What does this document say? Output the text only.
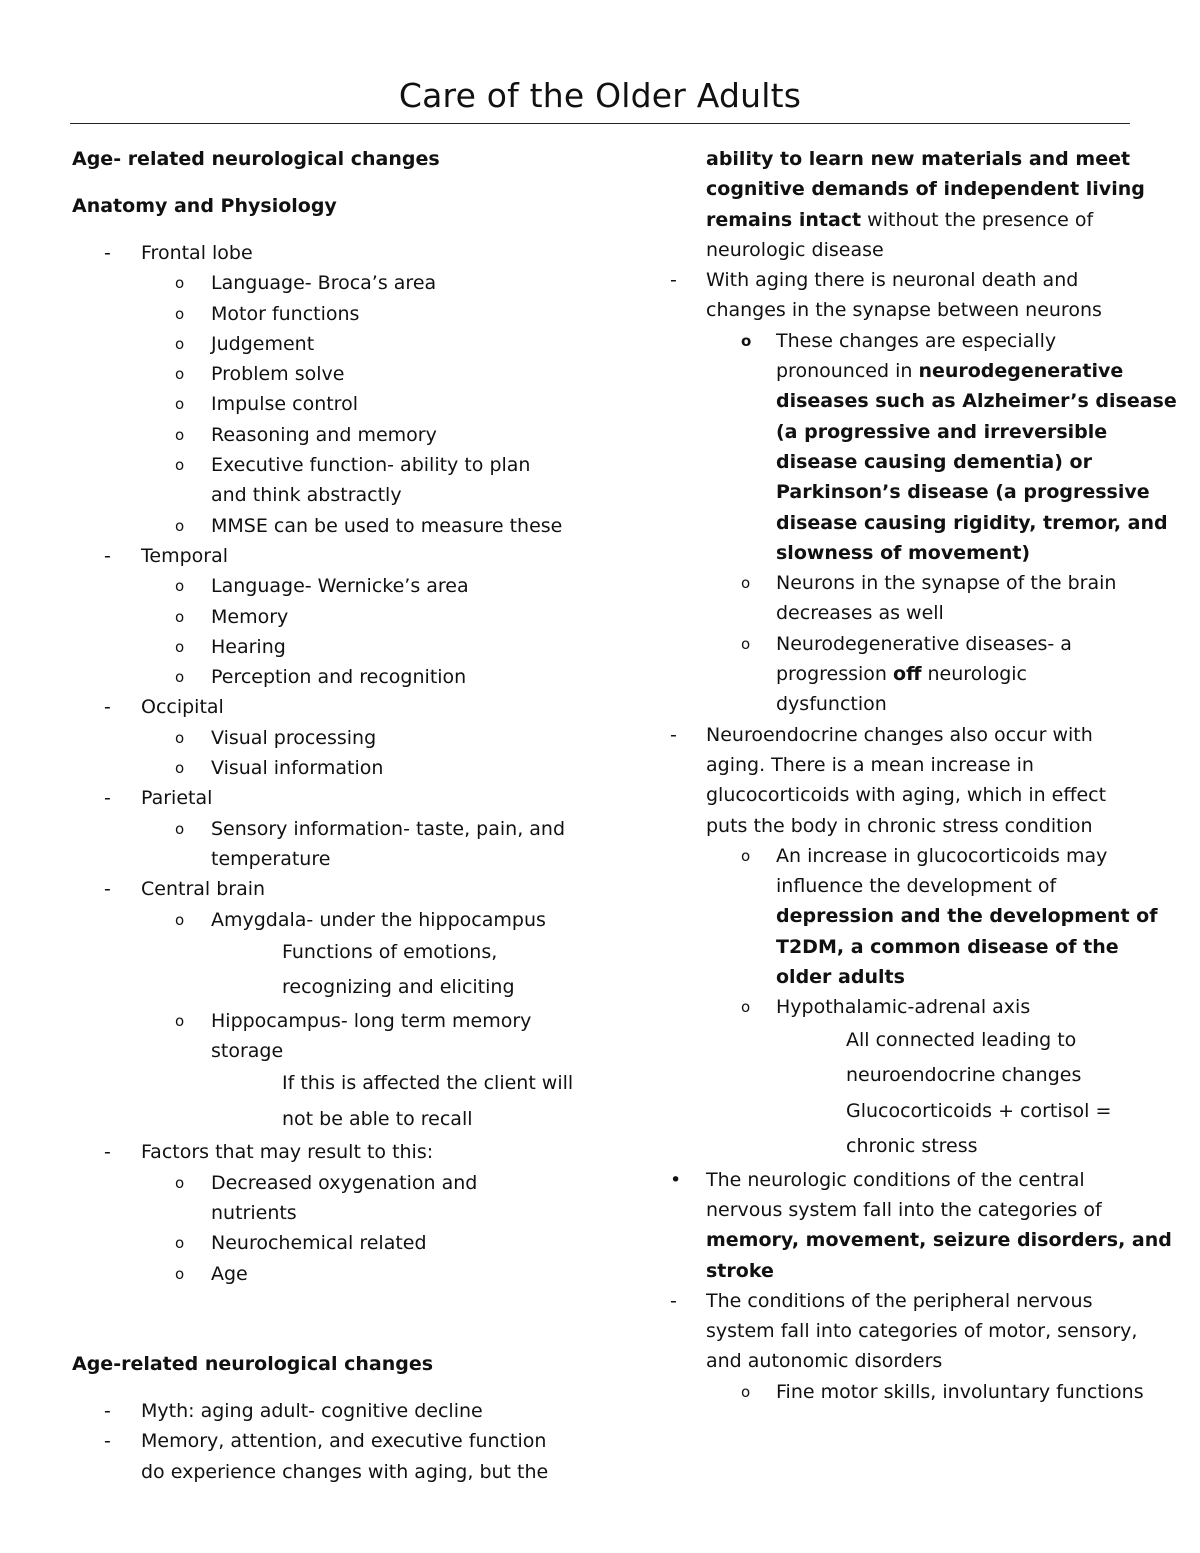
Care of the Older Adults
Age- related neurological changes
Anatomy and Physiology
-	Frontal lobe
o	Language- Broca’s area
o	Motor functions
o	Judgement
o	Problem solve
o	Impulse control
o	Reasoning and memory
o	Executive function- ability to plan
and think abstractly
o	MMSE can be used to measure these
-	Temporal
o	Language- Wernicke’s area
o	Memory
o	Hearing
o	Perception and recognition
-	Occipital
o	Visual processing
o	Visual information
-	Parietal
o	Sensory information- taste, pain, and
temperature
-	Central brain
o	Amygdala- under the hippocampus
Functions of emotions,
recognizing and eliciting
o	Hippocampus- long term memory
storage
If this is affected the client will
not be able to recall
-	Factors that may result to this:
o	Decreased oxygenation and
nutrients
o	Neurochemical related
o	Age
Age-related neurological changes
-	Myth: aging adult- cognitive decline
-	Memory, attention, and executive function
do experience changes with aging, but the
ability to learn new materials and meet
cognitive demands of independent living
remains intact without the presence of
neurologic disease
-	With aging there is neuronal death and
changes in the synapse between neurons
o	These changes are especially
pronounced in neurodegenerative
diseases such as Alzheimer’s disease
(a progressive and irreversible
disease causing dementia) or
Parkinson’s disease (a progressive
disease causing rigidity, tremor, and
slowness of movement)
o	Neurons in the synapse of the brain
decreases as well
o	Neurodegenerative diseases- a
progression off neurologic
dysfunction
-	Neuroendocrine changes also occur with
aging. There is a mean increase in
glucocorticoids with aging, which in effect
puts the body in chronic stress condition
o	An increase in glucocorticoids may
influence the development of
depression and the development of
T2DM, a common disease of the
older adults
o	Hypothalamic-adrenal axis
All connected leading to
neuroendocrine changes
Glucocorticoids + cortisol =
chronic stress
•	The neurologic conditions of the central
nervous system fall into the categories of
memory, movement, seizure disorders, and
stroke
-	The conditions of the peripheral nervous
system fall into categories of motor, sensory,
and autonomic disorders
o	Fine motor skills, involuntary functions
